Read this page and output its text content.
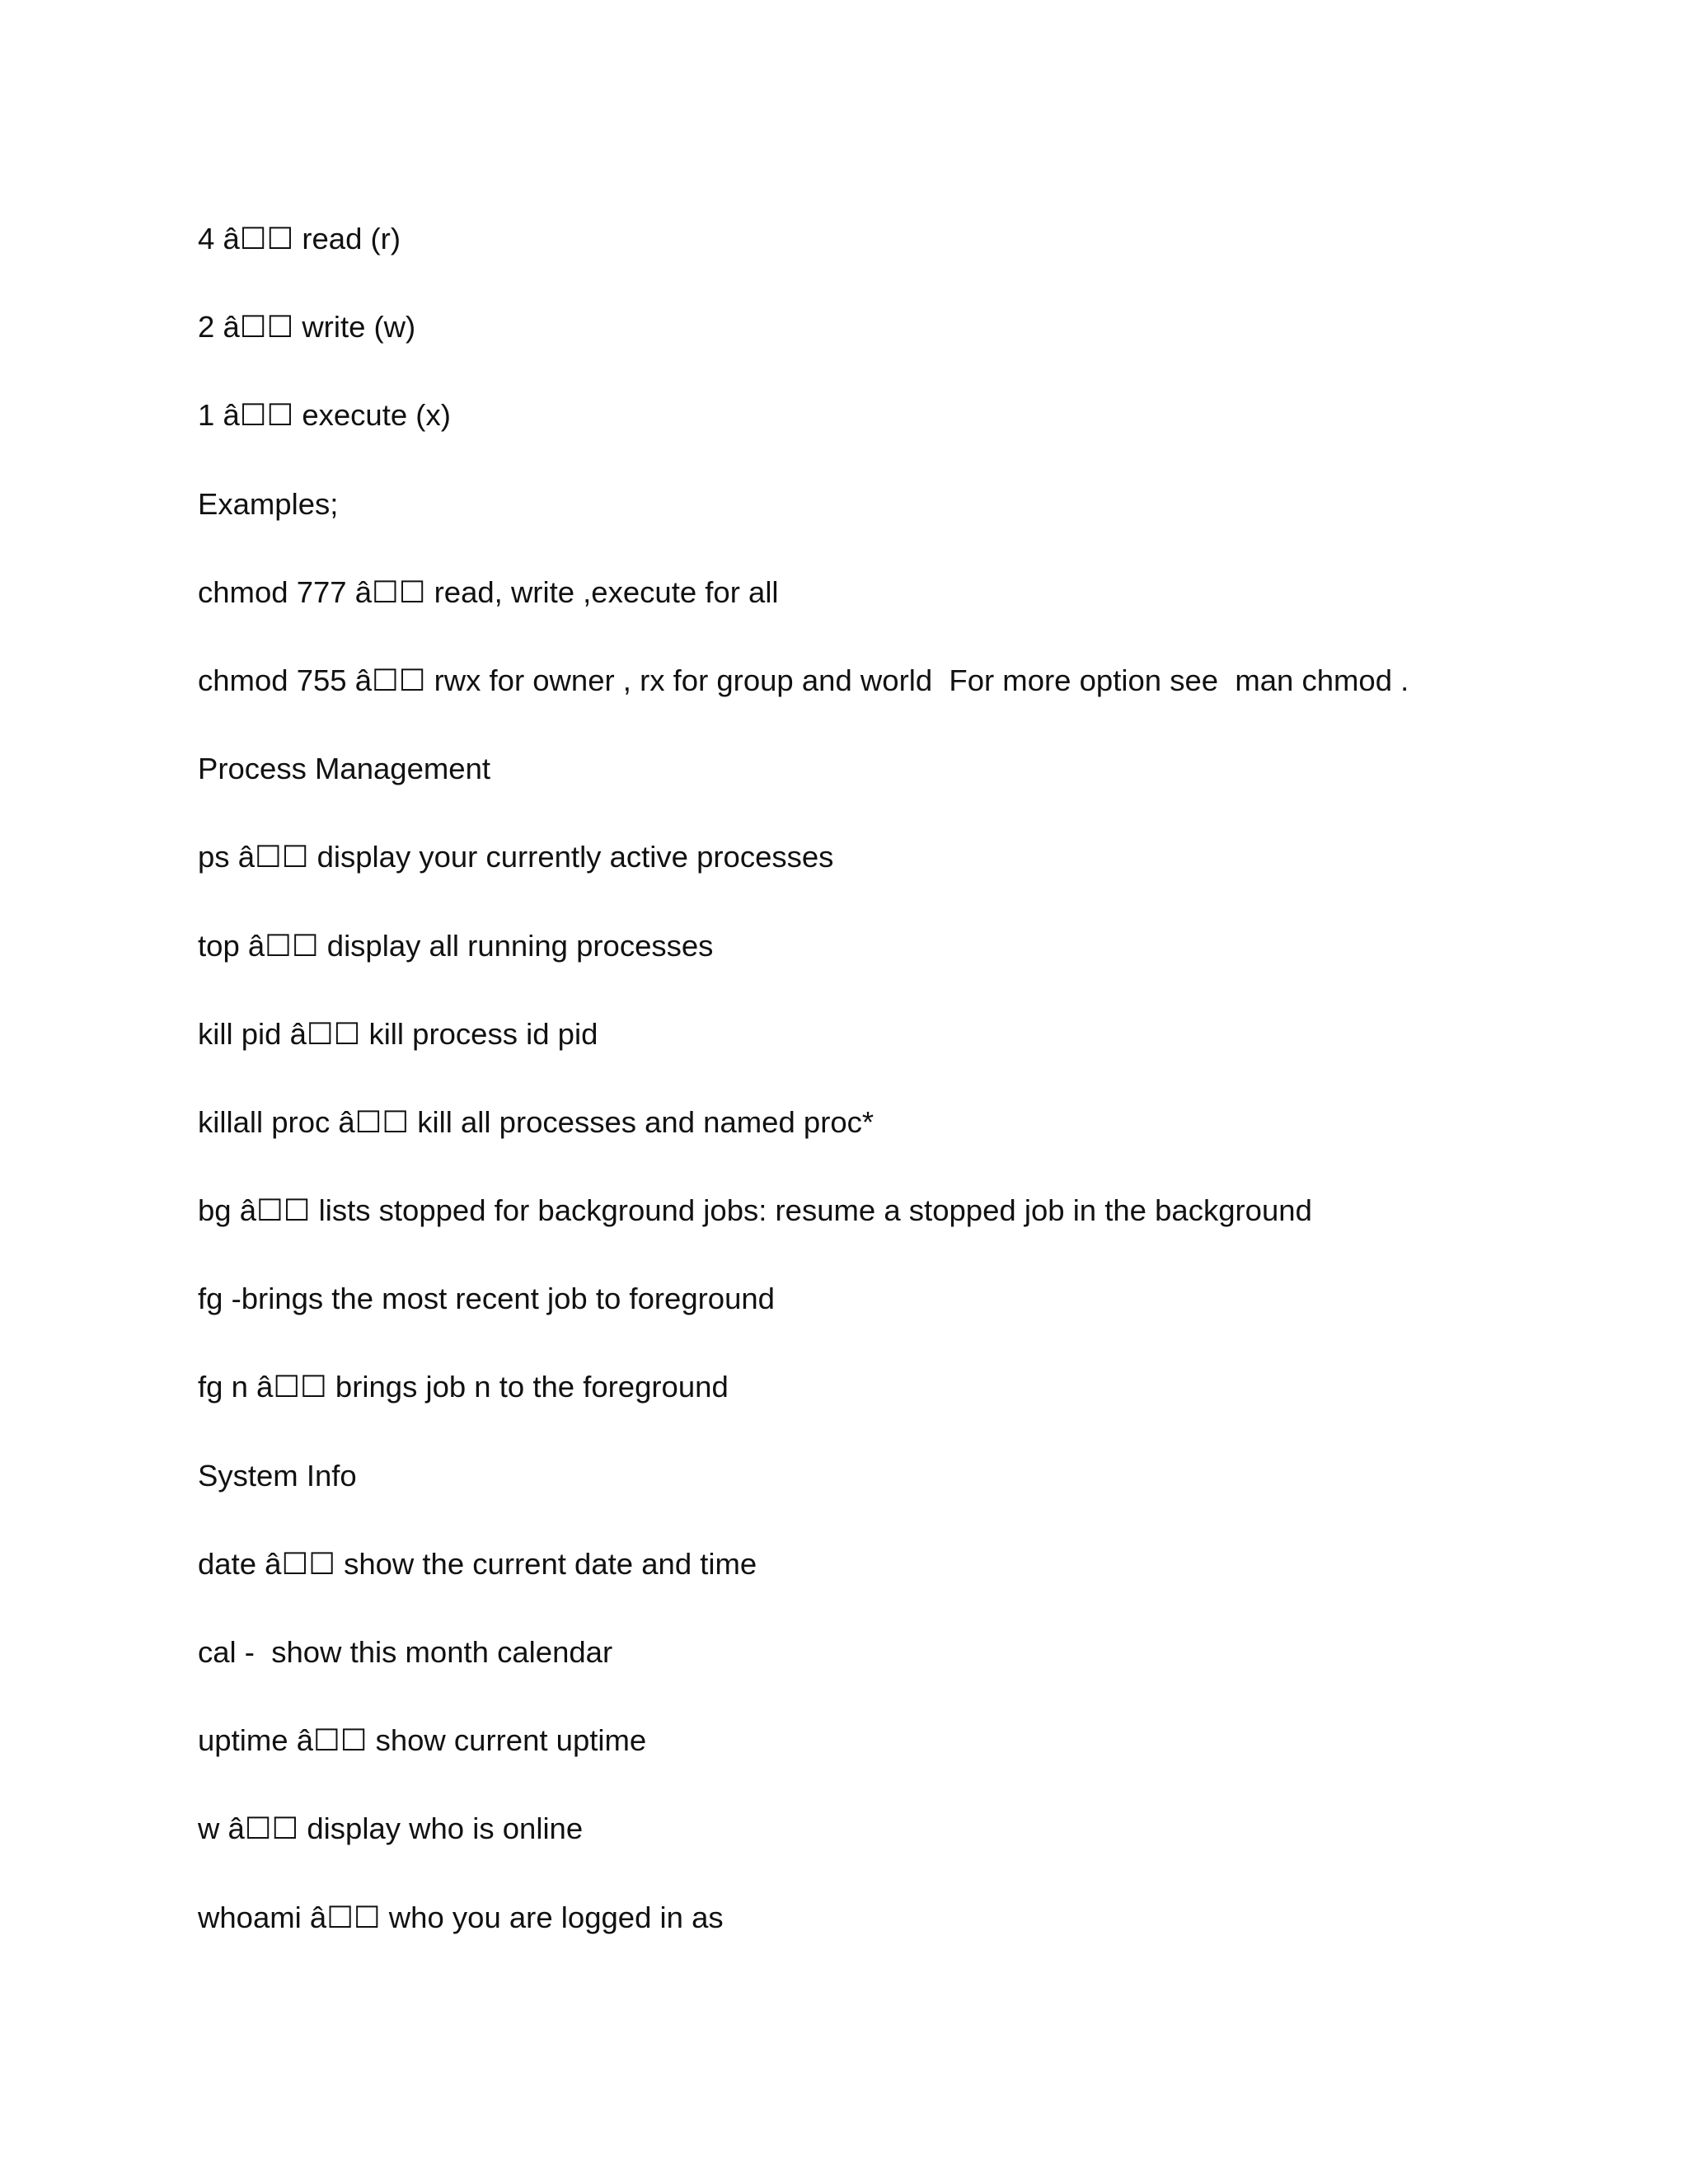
4 â☐☐ read (r)
2 â☐☐ write (w)
1 â☐☐ execute (x)
Examples;
chmod 777 â☐☐ read, write ,execute for all
chmod 755 â☐☐ rwx for owner , rx for group and world  For more option see  man chmod .
Process Management
ps â☐☐ display your currently active processes
top â☐☐ display all running processes
kill pid â☐☐ kill process id pid
killall proc â☐☐ kill all processes and named proc*
bg â☐☐ lists stopped for background jobs: resume a stopped job in the background
fg -brings the most recent job to foreground
fg n â☐☐ brings job n to the foreground
System Info
date â☐☐ show the current date and time
cal -  show this month calendar
uptime â☐☐ show current uptime
w â☐☐ display who is online
whoami â☐☐ who you are logged in as
